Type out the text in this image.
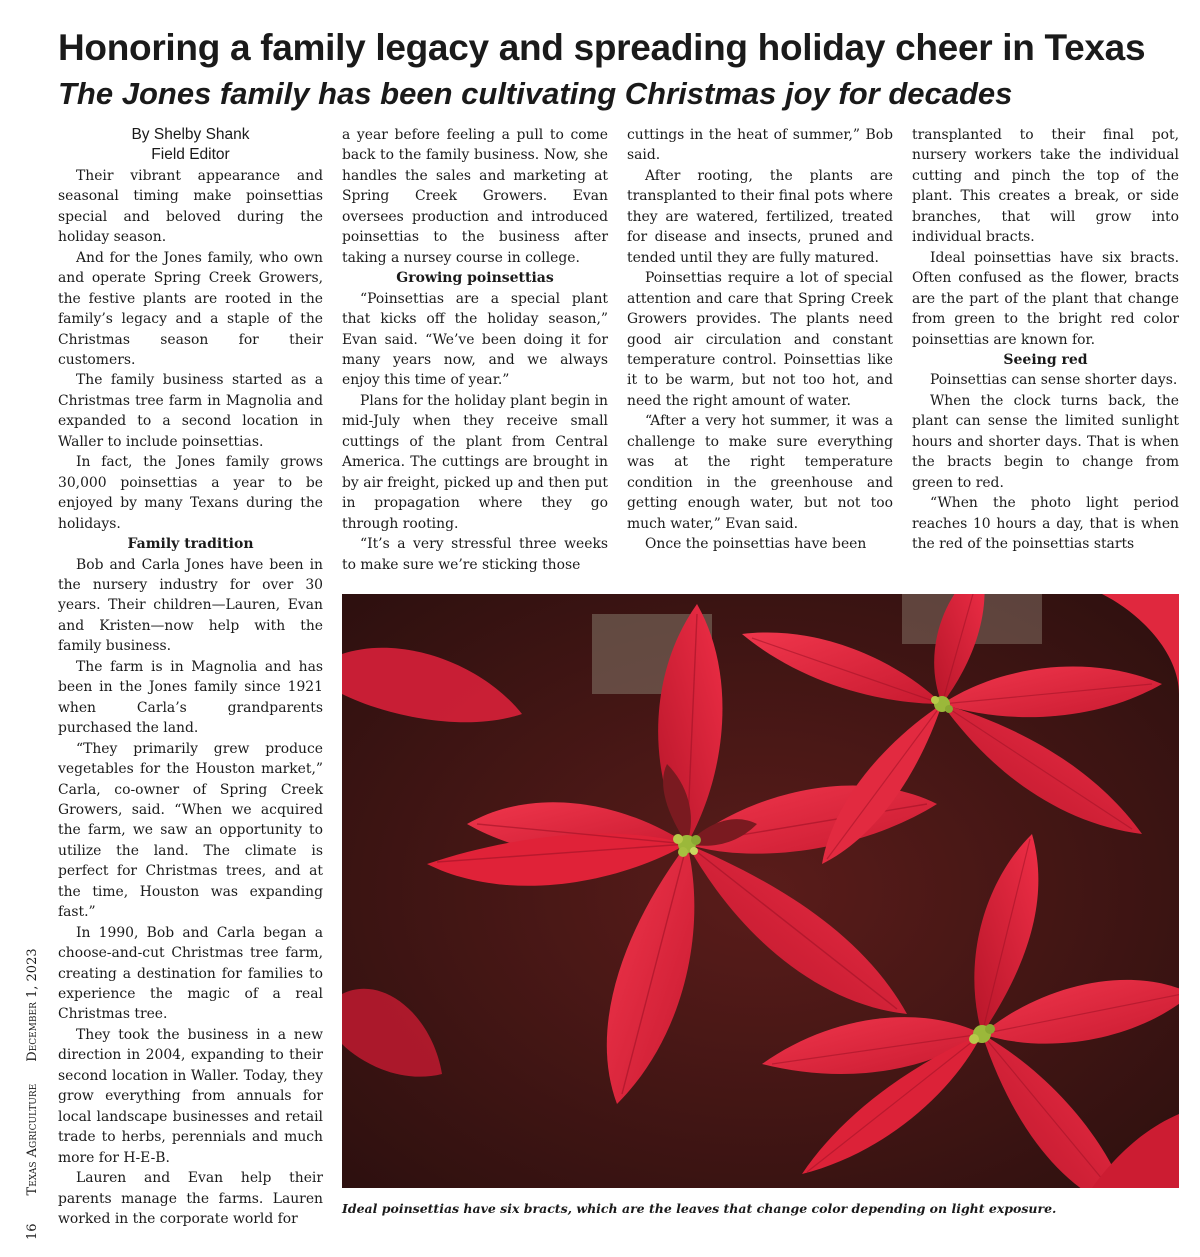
Honoring a family legacy and spreading holiday cheer in Texas
The Jones family has been cultivating Christmas joy for decades
By Shelby Shank
Field Editor

Their vibrant appearance and seasonal timing make poinsettias special and beloved during the holiday season.

And for the Jones family, who own and operate Spring Creek Growers, the festive plants are rooted in the family’s legacy and a staple of the Christmas season for their customers.

The family business started as a Christmas tree farm in Magnolia and expanded to a second location in Waller to include poinsettias.

In fact, the Jones family grows 30,000 poinsettias a year to be enjoyed by many Texans during the holidays.

Family tradition

Bob and Carla Jones have been in the nursery industry for over 30 years. Their children—Lauren, Evan and Kristen—now help with the family business.

The farm is in Magnolia and has been in the Jones family since 1921 when Carla’s grandparents purchased the land.

“They primarily grew produce vegetables for the Houston market,” Carla, co-owner of Spring Creek Growers, said. “When we acquired the farm, we saw an opportunity to utilize the land. The climate is perfect for Christmas trees, and at the time, Houston was expanding fast.”

In 1990, Bob and Carla began a choose-and-cut Christmas tree farm, creating a destination for families to experience the magic of a real Christmas tree.

They took the business in a new direction in 2004, expanding to their second location in Waller. Today, they grow everything from annuals for local landscape businesses and retail trade to herbs, perennials and much more for H-E-B.

Lauren and Evan help their parents manage the farms. Lauren worked in the corporate world for

a year before feeling a pull to come back to the family business. Now, she handles the sales and marketing at Spring Creek Growers. Evan oversees production and introduced poinsettias to the business after taking a nursey course in college.

Growing poinsettias

“Poinsettias are a special plant that kicks off the holiday season,” Evan said. “We’ve been doing it for many years now, and we always enjoy this time of year.”

Plans for the holiday plant begin in mid-July when they receive small cuttings of the plant from Central America. The cuttings are brought in by air freight, picked up and then put in propagation where they go through rooting.

“It’s a very stressful three weeks to make sure we’re sticking those

cuttings in the heat of summer,” Bob said.

After rooting, the plants are transplanted to their final pots where they are watered, fertilized, treated for disease and insects, pruned and tended until they are fully matured.

Poinsettias require a lot of special attention and care that Spring Creek Growers provides. The plants need good air circulation and constant temperature control. Poinsettias like it to be warm, but not too hot, and need the right amount of water.

“After a very hot summer, it was a challenge to make sure everything was at the right temperature condition in the greenhouse and getting enough water, but not too much water,” Evan said.

Once the poinsettias have been

transplanted to their final pot, nursery workers take the individual cutting and pinch the top of the plant. This creates a break, or side branches, that will grow into individual bracts.

Ideal poinsettias have six bracts. Often confused as the flower, bracts are the part of the plant that change from green to the bright red color poinsettias are known for.

Seeing red

Poinsettias can sense shorter days.

When the clock turns back, the plant can sense the limited sunlight hours and shorter days. That is when the bracts begin to change from green to red.

“When the photo light period reaches 10 hours a day, that is when the red of the poinsettias starts

Ideal poinsettias have six bracts, which are the leaves that change color depending on light exposure.

16Texas AgricultureDecember 1, 2023
